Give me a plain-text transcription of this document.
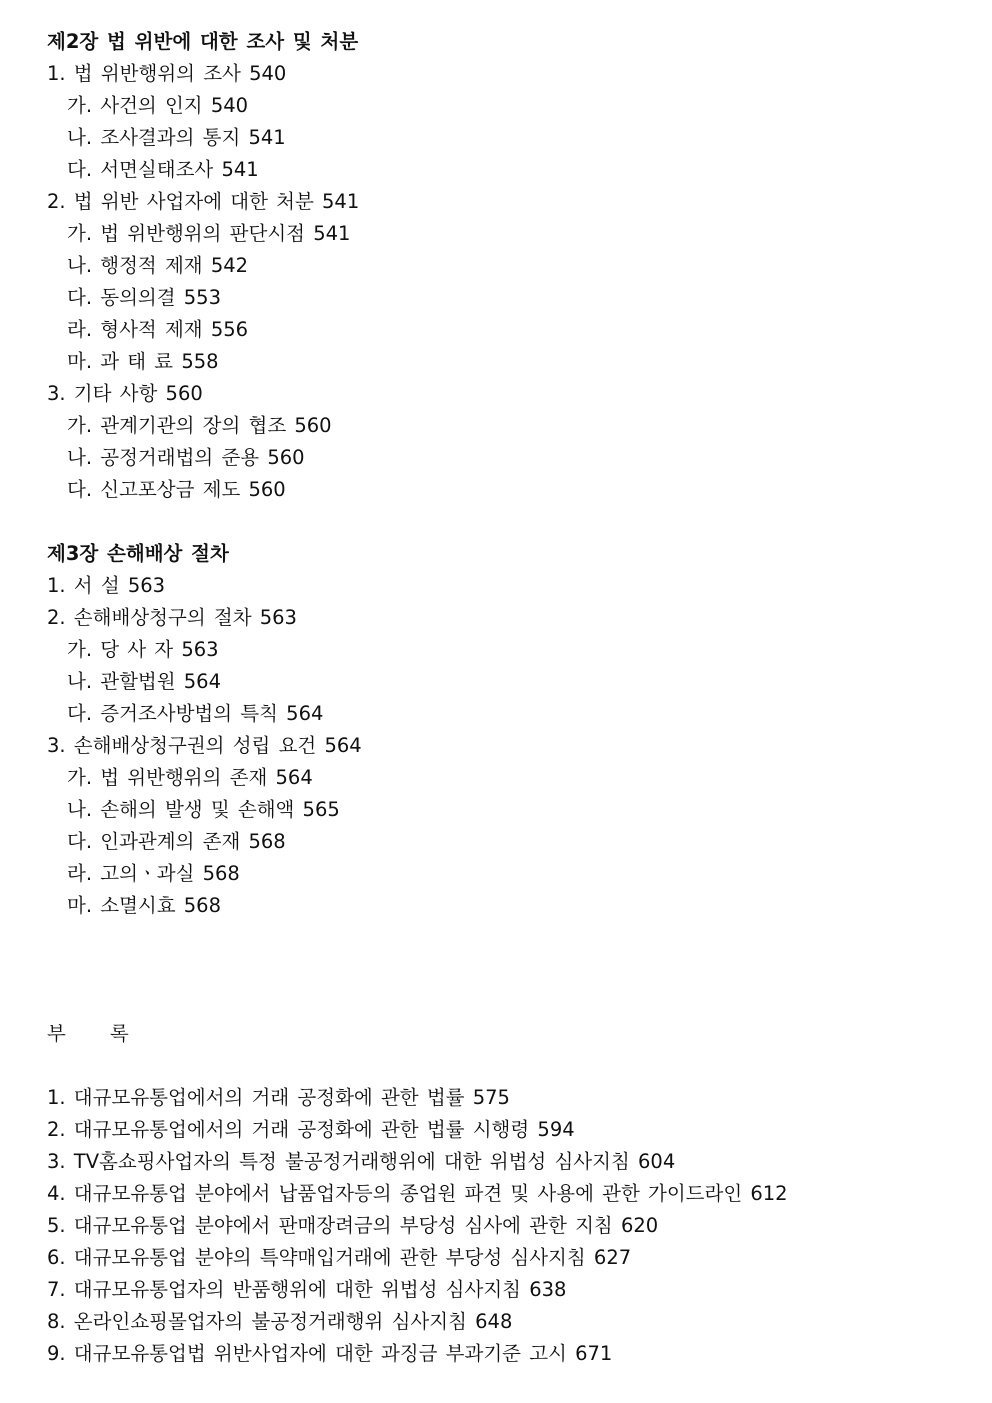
제2장 법 위반에 대한 조사 및 처분
1. 법 위반행위의 조사 540
가. 사건의 인지 540
나. 조사결과의 통지 541
다. 서면실태조사 541
2. 법 위반 사업자에 대한 처분 541
가. 법 위반행위의 판단시점 541
나. 행정적 제재 542
다. 동의의결 553
라. 형사적 제재 556
마. 과 태 료 558
3. 기타 사항 560
가. 관계기관의 장의 협조 560
나. 공정거래법의 준용 560
다. 신고포상금 제도 560
제3장 손해배상 절차
1. 서 설 563
2. 손해배상청구의 절차 563
가. 당 사 자 563
나. 관할법원 564
다. 증거조사방법의 특칙 564
3. 손해배상청구권의 성립 요건 564
가. 법 위반행위의 존재 564
나. 손해의 발생 및 손해액 565
다. 인과관계의 존재 568
라. 고의ㆍ과실 568
마. 소멸시효 568
부록
1. 대규모유통업에서의 거래 공정화에 관한 법률 575
2. 대규모유통업에서의 거래 공정화에 관한 법률 시행령 594
3. TV홈쇼핑사업자의 특정 불공정거래행위에 대한 위법성 심사지침 604
4. 대규모유통업 분야에서 납품업자등의 종업원 파견 및 사용에 관한 가이드라인 612
5. 대규모유통업 분야에서 판매장려금의 부당성 심사에 관한 지침 620
6. 대규모유통업 분야의 특약매입거래에 관한 부당성 심사지침 627
7. 대규모유통업자의 반품행위에 대한 위법성 심사지침 638
8. 온라인쇼핑몰업자의 불공정거래행위 심사지침 648
9. 대규모유통업법 위반사업자에 대한 과징금 부과기준 고시 671
